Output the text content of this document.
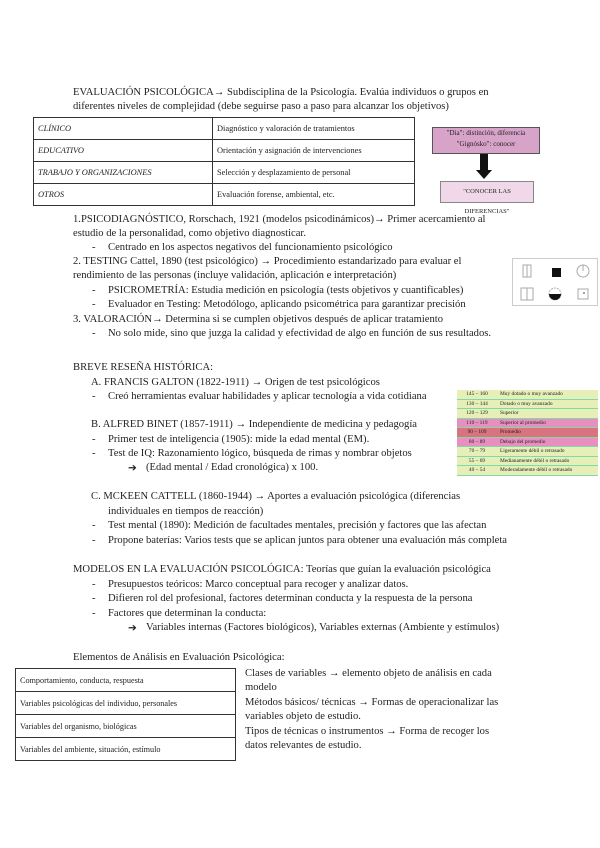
EVALUACIÓN PSICOLÓGICA→ Subdisciplina de la Psicología. Evalúa individuos o grupos en
diferentes niveles de complejidad (debe seguirse paso a paso para alcanzar los objetivos)
CLÍNICO	Diagnóstico y valoración de tratamientos
EDUCATIVO	Orientación y asignación de intervenciones
TRABAJO Y ORGANIZACIONES	Selección y desplazamiento de personal
OTROS	Evaluación forense, ambiental, etc.
"Dia": distinción, diferencia
"Gignósko": conocer
"CONOCER LAS DIFERENCIAS"
1.PSICODIAGNÓSTICO, Rorschach, 1921 (modelos psicodinámicos)→ Primer acercamiento al
estudio de la personalidad, como objetivo diagnosticar.
- Centrado en los aspectos negativos del funcionamiento psicológico
2. TESTING Cattel, 1890 (test psicológico) → Procedimiento estandarizado para evaluar el
rendimiento de las personas (incluye validación, aplicación e interpretación)
- PSICROMETRÍA: Estudia medición en psicología (tests objetivos y cuantificables)
- Evaluador en Testing: Metodólogo, aplicando psicométrica para garantizar precisión
3. VALORACIÓN→ Determina si se cumplen objetivos después de aplicar tratamiento
- No solo mide, sino que juzga la calidad y efectividad de algo en función de sus resultados.
BREVE RESEÑA HISTÓRICA:
A. FRANCIS GALTON (1822-1911) → Origen de test psicológicos
- Creó herramientas evaluar habilidades y aplicar tecnología a vida cotidiana
B. ALFRED BINET (1857-1911) → Independiente de medicina y pedagogía
- Primer test de inteligencia (1905): mide la edad mental (EM).
- Test de IQ: Razonamiento lógico, búsqueda de rimas y nombrar objetos
➔ (Edad mental / Edad cronológica) x 100.
C. MCKEEN CATTELL (1860-1944) → Aportes a evaluación psicológica (diferencias
individuales en tiempos de reacción)
- Test mental (1890): Medición de facultades mentales, precisión y factores que las afectan
- Propone baterías: Varios tests que se aplican juntos para obtener una evaluación más completa
145 – 160	Muy dotado o muy avanzado
130 – 144	Dotado o muy avanzado
120 – 129	Superior
110 – 119	Superior al promedio
90 – 109	Promedio
80 – 89	Debajo del promedio
70 – 79	Ligeramente débil o retrasado
55 – 69	Medianamente débil o retrasado
40 – 54	Moderadamente débil o retrasado
MODELOS EN LA EVALUACIÓN PSICOLÓGICA: Teorías que guían la evaluación psicológica
- Presupuestos teóricos: Marco conceptual para recoger y analizar datos.
- Difieren rol del profesional, factores determinan conducta y la respuesta de la persona
- Factores que determinan la conducta:
➔ Variables internas (Factores biológicos), Variables externas (Ambiente y estímulos)
Elementos de Análisis en Evaluación Psicológica:
Comportamiento, conducta, respuesta
Variables psicológicas del individuo, personales
Variables del organismo, biológicas
Variables del ambiente, situación, estímulo
Clases de variables → elemento objeto de análisis en cada
modelo
Métodos básicos/ técnicas → Formas de operacionalizar las
variables objeto de estudio.
Tipos de técnicas o instrumentos → Forma de recoger los
datos relevantes de estudio.
